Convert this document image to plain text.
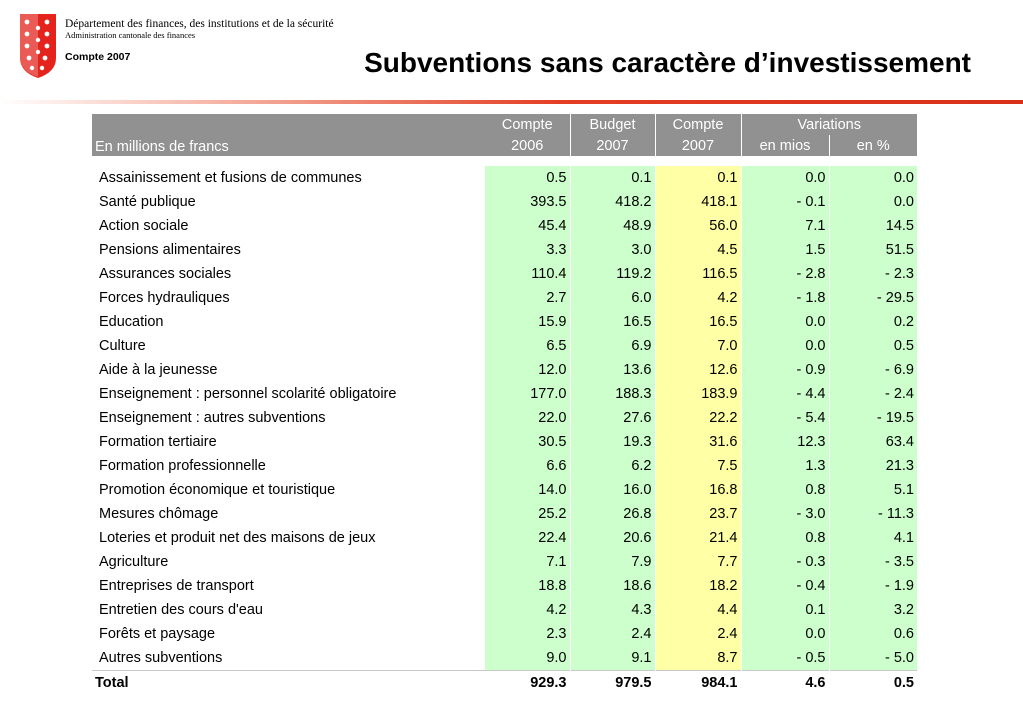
Département des finances, des institutions et de la sécurité
Administration cantonale des finances
Compte 2007	Subventions sans caractère d’investissement
En millions de francs	Compte	Budget	Compte	Variations	
	2006	2007	2007	en mios	en %

Assainissement et fusions de communes	0.5	0.1	0.1	0.0	0.0
Santé publique	393.5	418.2	418.1	- 0.1	0.0
Action sociale	45.4	48.9	56.0	7.1	14.5
Pensions alimentaires	3.3	3.0	4.5	1.5	51.5
Assurances sociales	110.4	119.2	116.5	- 2.8	- 2.3
Forces hydrauliques	2.7	6.0	4.2	- 1.8	- 29.5
Education	15.9	16.5	16.5	0.0	0.2
Culture	6.5	6.9	7.0	0.0	0.5
Aide à la jeunesse	12.0	13.6	12.6	- 0.9	- 6.9
Enseignement : personnel scolarité obligatoire	177.0	188.3	183.9	- 4.4	- 2.4
Enseignement : autres subventions	22.0	27.6	22.2	- 5.4	- 19.5
Formation tertiaire	30.5	19.3	31.6	12.3	63.4
Formation professionnelle	6.6	6.2	7.5	1.3	21.3
Promotion économique et touristique	14.0	16.0	16.8	0.8	5.1
Mesures chômage	25.2	26.8	23.7	- 3.0	- 11.3
Loteries et produit net des maisons de jeux	22.4	20.6	21.4	0.8	4.1
Agriculture	7.1	7.9	7.7	- 0.3	- 3.5
Entreprises de transport	18.8	18.6	18.2	- 0.4	- 1.9
Entretien des cours d'eau	4.2	4.3	4.4	0.1	3.2
Forêts et paysage	2.3	2.4	2.4	0.0	0.6
Autres subventions	9.0	9.1	8.7	- 0.5	- 5.0
Total	929.3	979.5	984.1	4.6	0.5
